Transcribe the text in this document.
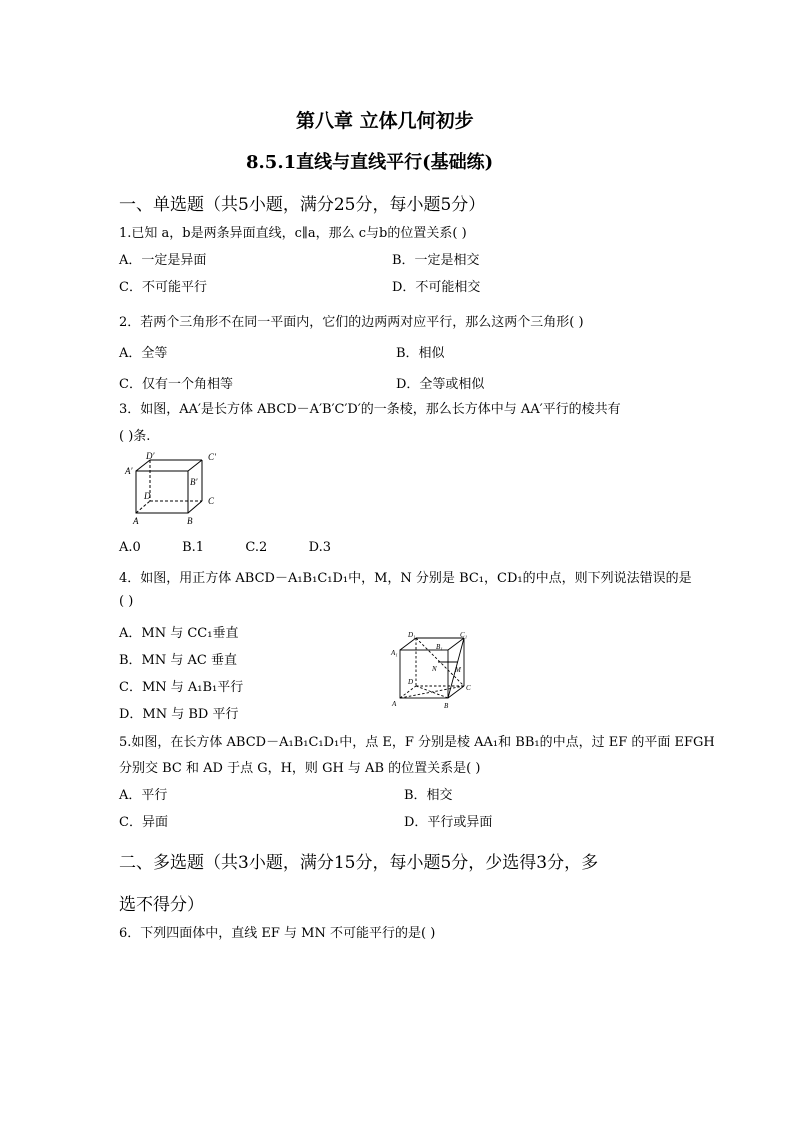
第八章 立体几何初步
8.5.1直线与直线平行(基础练)
一、单选题（共5小题，满分25分，每小题5分）
1.已知 a，b是两条异面直线，c∥a，那么 c与b的位置关系( )
A．一定是异面	B．一定是相交
C．不可能平行	D．不可能相交
2．若两个三角形不在同一平面内，它们的边两两对应平行，那么这两个三角形( )
A．全等	B．相似
C．仅有一个角相等	D．全等或相似
3．如图，AA′是长方体 ABCD－A′B′C′D′的一条棱，那么长方体中与 AA′平行的棱共有
( )条.
D′	C′
A′
B′
D	C
A	B
A.0          B.1          C.2          D.3
4．如图，用正方体 ABCD－A₁B₁C₁D₁中，M，N 分别是 BC₁，CD₁的中点，则下列说法错误的是
( )
A．MN 与 CC₁垂直
B．MN 与 AC 垂直
C．MN 与 A₁B₁平行
D．MN 与 BD 平行
D₁	C₁
A₁
B₁
N	M
D
C
A	B
5.如图，在长方体 ABCD－A₁B₁C₁D₁中，点 E，F 分别是棱 AA₁和 BB₁的中点，过 EF 的平面 EFGH
分别交 BC 和 AD 于点 G，H，则 GH 与 AB 的位置关系是( )
A．平行	B．相交
C．异面	D．平行或异面
二、多选题（共3小题，满分15分，每小题5分，少选得3分，多
选不得分）
6．下列四面体中，直线 EF 与 MN 不可能平行的是( )
